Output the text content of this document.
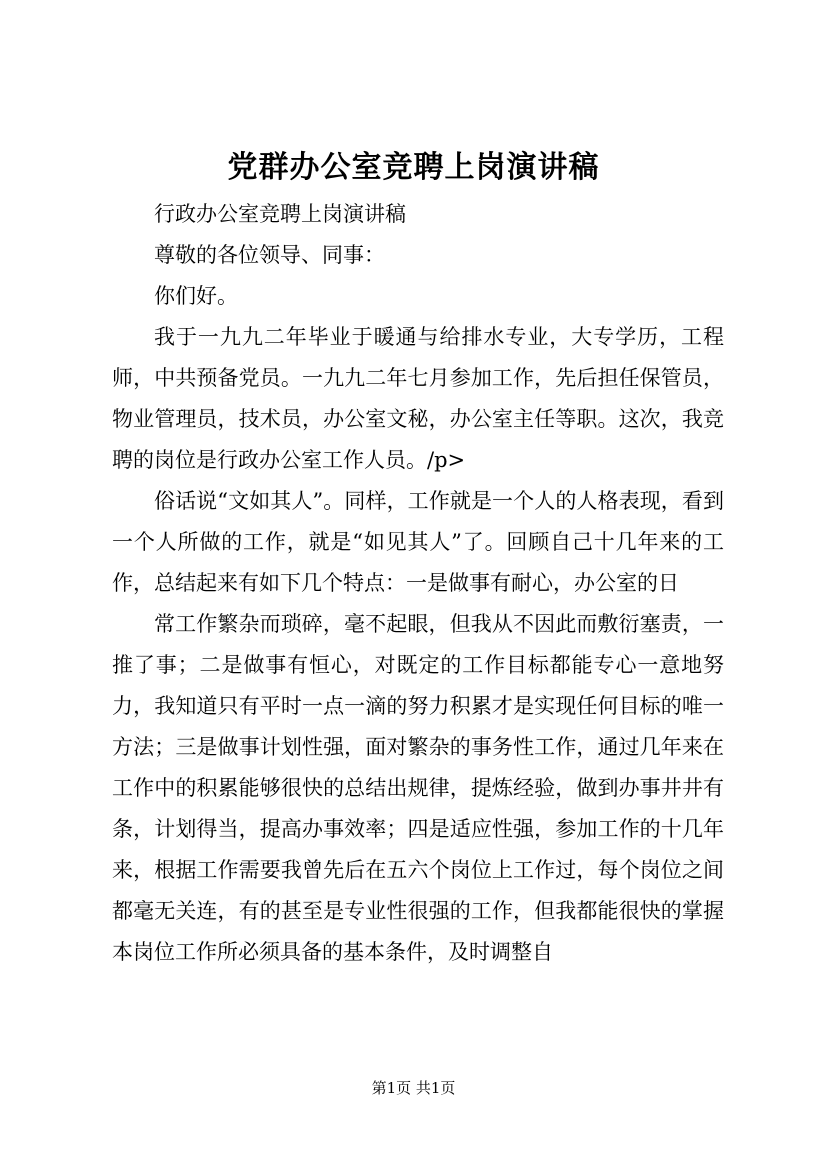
党群办公室竞聘上岗演讲稿

行政办公室竞聘上岗演讲稿

尊敬的各位领导、同事：

你们好。

我于一九九二年毕业于暖通与给排水专业，大专学历，工程师，中共预备党员。一九九二年七月参加工作，先后担任保管员，物业管理员，技术员，办公室文秘，办公室主任等职。这次，我竞聘的岗位是行政办公室工作人员。/p>

俗话说“文如其人”。同样，工作就是一个人的人格表现，看到一个人所做的工作，就是“如见其人”了。回顾自己十几年来的工作，总结起来有如下几个特点：一是做事有耐心，办公室的日

常工作繁杂而琐碎，毫不起眼，但我从不因此而敷衍塞责，一推了事；二是做事有恒心，对既定的工作目标都能专心一意地努力，我知道只有平时一点一滴的努力积累才是实现任何目标的唯一方法；三是做事计划性强，面对繁杂的事务性工作，通过几年来在工作中的积累能够很快的总结出规律，提炼经验，做到办事井井有条，计划得当，提高办事效率；四是适应性强，参加工作的十几年来，根据工作需要我曾先后在五六个岗位上工作过，每个岗位之间都毫无关连，有的甚至是专业性很强的工作，但我都能很快的掌握本岗位工作所必须具备的基本条件，及时调整自

第1页 共1页
